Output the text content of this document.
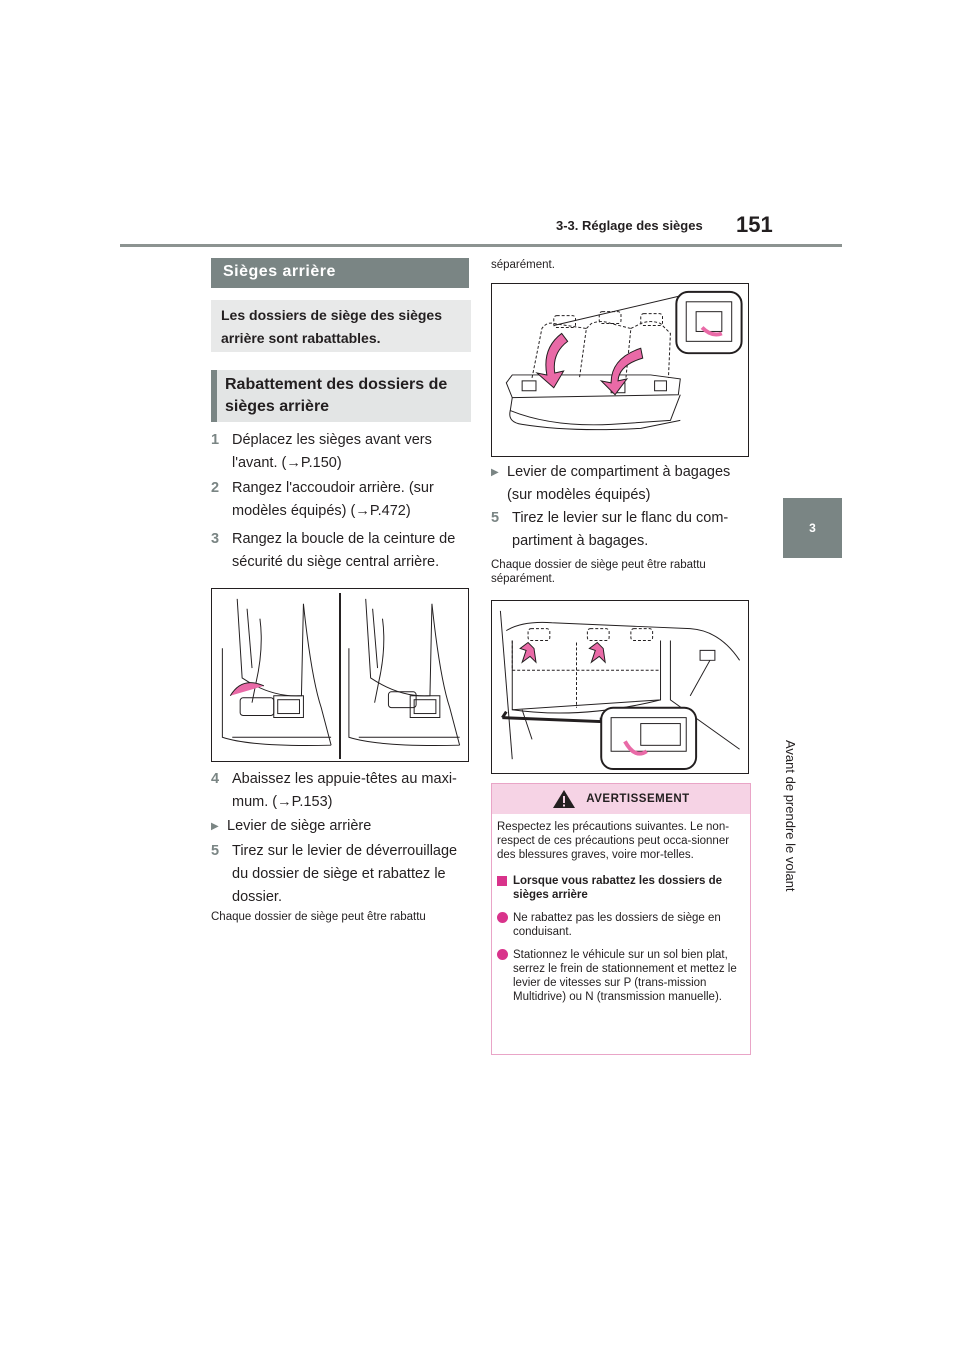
3-3. Réglage des sièges 151
3
Avant de prendre le volant
Sièges arrière
Les dossiers de siège des sièges arrière sont rabattables.
Rabattement des dossiers de sièges arrière
1 Déplacez les sièges avant vers l'avant. (→P.150)
2 Rangez l'accoudoir arrière. (sur modèles équipés) (→P.472)
3 Rangez la boucle de la ceinture de sécurité du siège central arrière.
4 Abaissez les appuie-têtes au maxi-mum. (→P.153)
▶ Levier de siège arrière
5 Tirez sur le levier de déverrouillage du dossier de siège et rabattez le dossier.
Chaque dossier de siège peut être rabattu
séparément.
▶ Levier de compartiment à bagages (sur modèles équipés)
5 Tirez le levier sur le flanc du com-partiment à bagages.
Chaque dossier de siège peut être rabattu séparément.
AVERTISSEMENT
Respectez les précautions suivantes. Le non-respect de ces précautions peut occa-sionner des blessures graves, voire mor-telles.
Lorsque vous rabattez les dossiers de sièges arrière
Ne rabattez pas les dossiers de siège en conduisant.
Stationnez le véhicule sur un sol bien plat, serrez le frein de stationnement et mettez le levier de vitesses sur P (trans-mission Multidrive) ou N (transmission manuelle).
